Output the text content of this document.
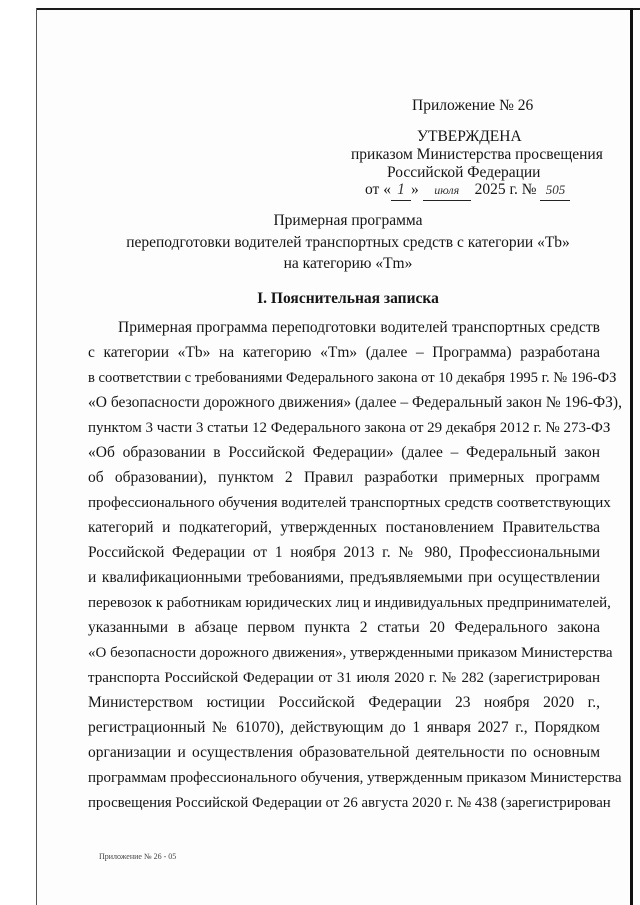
Приложение № 26
УТВЕРЖДЕНА
приказом Министерства просвещения
Российской Федерации
от « 1 » июля 2025 г. № 505
Примерная программа
переподготовки водителей транспортных средств с категории «Tb»
на категорию «Tm»
I. Пояснительная записка
Примерная программа переподготовки водителей транспортных средств
с категории «Tb» на категорию «Tm» (далее – Программа) разработана
в соответствии с требованиями Федерального закона от 10 декабря 1995 г. № 196-ФЗ
«О безопасности дорожного движения» (далее – Федеральный закон № 196-ФЗ),
пунктом 3 части 3 статьи 12 Федерального закона от 29 декабря 2012 г. № 273-ФЗ
«Об образовании в Российской Федерации» (далее – Федеральный закон
об образовании), пунктом 2 Правил разработки примерных программ
профессионального обучения водителей транспортных средств соответствующих
категорий и подкатегорий, утвержденных постановлением Правительства
Российской Федерации от 1 ноября 2013 г. № 980, Профессиональными
и квалификационными требованиями, предъявляемыми при осуществлении
перевозок к работникам юридических лиц и индивидуальных предпринимателей,
указанными в абзаце первом пункта 2 статьи 20 Федерального закона
«О безопасности дорожного движения», утвержденными приказом Министерства
транспорта Российской Федерации от 31 июля 2020 г. № 282 (зарегистрирован
Министерством юстиции Российской Федерации 23 ноября 2020 г.,
регистрационный № 61070), действующим до 1 января 2027 г., Порядком
организации и осуществления образовательной деятельности по основным
программам профессионального обучения, утвержденным приказом Министерства
просвещения Российской Федерации от 26 августа 2020 г. № 438 (зарегистрирован
Приложение № 26 - 05
